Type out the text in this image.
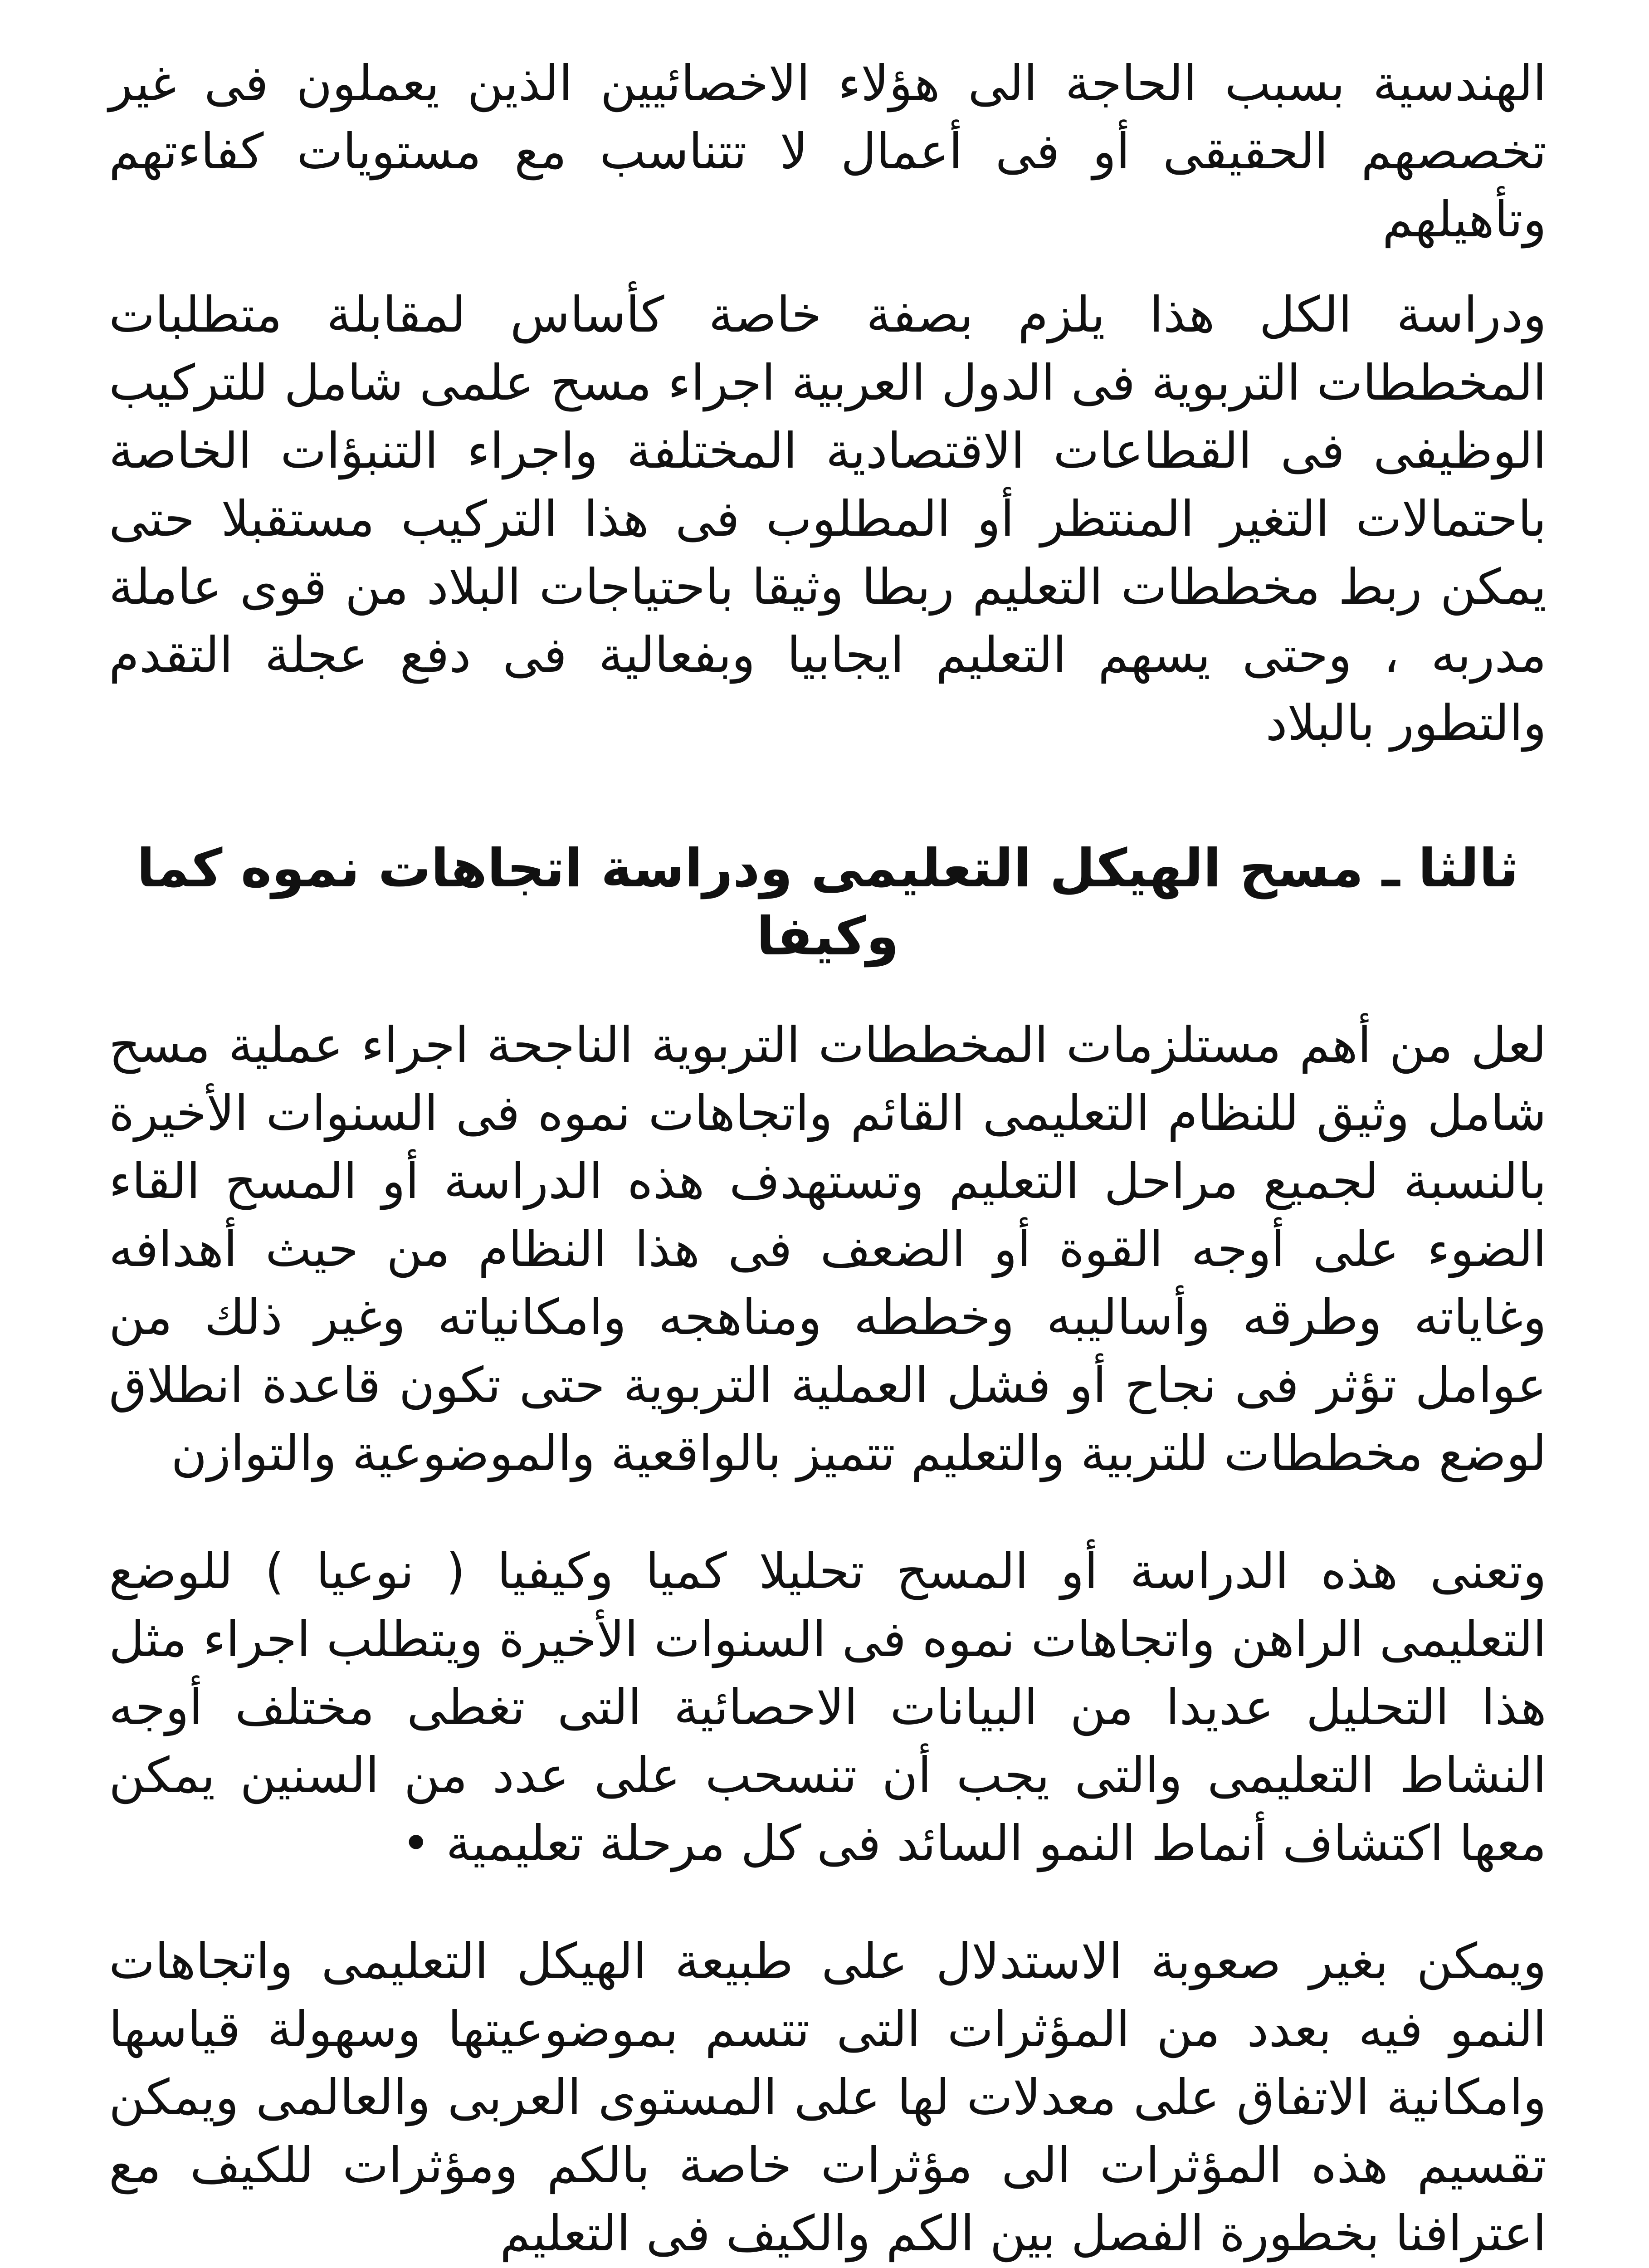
الهندسية بسبب الحاجة الى هؤلاء الاخصائيين الذين يعملون فى غير تخصصهم الحقيقى أو فى أعمال لا تتناسب مع مستويات كفاءتهم وتأهيلهم

ودراسة الكل هذا يلزم بصفة خاصة كأساس لمقابلة متطلبات المخططات التربوية فى الدول العربية اجراء مسح علمى شامل للتركيب الوظيفى فى القطاعات الاقتصادية المختلفة واجراء التنبؤات الخاصة باحتمالات التغير المنتظر أو المطلوب فى هذا التركيب مستقبلا حتى يمكن ربط مخططات التعليم ربطا وثيقا باحتياجات البلاد من قوى عاملة مدربه ، وحتى يسهم التعليم ايجابيا وبفعالية فى دفع عجلة التقدم والتطور بالبلاد

ثالثا ـ مسح الهيكل التعليمى ودراسة اتجاهات نموه كما وكيفا

لعل من أهم مستلزمات المخططات التربوية الناجحة اجراء عملية مسح شامل وثيق للنظام التعليمى القائم واتجاهات نموه فى السنوات الأخيرة بالنسبة لجميع مراحل التعليم وتستهدف هذه الدراسة أو المسح القاء الضوء على أوجه القوة أو الضعف فى هذا النظام من حيث أهدافه وغاياته وطرقه وأساليبه وخططه ومناهجه وامكانياته وغير ذلك من عوامل تؤثر فى نجاح أو فشل العملية التربوية حتى تكون قاعدة انطلاق لوضع مخططات للتربية والتعليم تتميز بالواقعية والموضوعية والتوازن

وتعنى هذه الدراسة أو المسح تحليلا كميا وكيفيا ( نوعيا ) للوضع التعليمى الراهن واتجاهات نموه فى السنوات الأخيرة ويتطلب اجراء مثل هذا التحليل عديدا من البيانات الاحصائية التى تغطى مختلف أوجه النشاط التعليمى والتى يجب أن تنسحب على عدد من السنين يمكن معها اكتشاف أنماط النمو السائد فى كل مرحلة تعليمية •

ويمكن بغير صعوبة الاستدلال على طبيعة الهيكل التعليمى واتجاهات النمو فيه بعدد من المؤثرات التى تتسم بموضوعيتها وسهولة قياسها وامكانية الاتفاق على معدلات لها على المستوى العربى والعالمى ويمكن تقسيم هذه المؤثرات الى مؤثرات خاصة بالكم ومؤثرات للكيف مع اعترافنا بخطورة الفصل بين الكم والكيف فى التعليم
